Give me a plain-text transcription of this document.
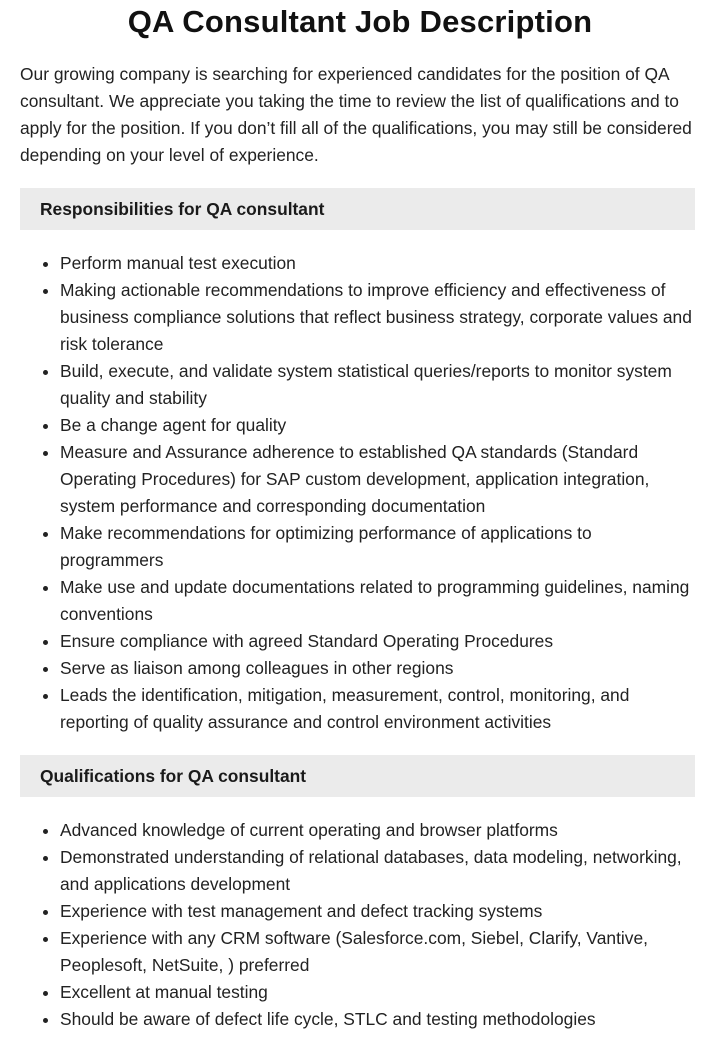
QA Consultant Job Description

Our growing company is searching for experienced candidates for the position of QA consultant. We appreciate you taking the time to review the list of qualifications and to apply for the position. If you don’t fill all of the qualifications, you may still be considered depending on your level of experience.

Responsibilities for QA consultant
• Perform manual test execution
• Making actionable recommendations to improve efficiency and effectiveness of business compliance solutions that reflect business strategy, corporate values and risk tolerance
• Build, execute, and validate system statistical queries/reports to monitor system quality and stability
• Be a change agent for quality
• Measure and Assurance adherence to established QA standards (Standard Operating Procedures) for SAP custom development, application integration, system performance and corresponding documentation
• Make recommendations for optimizing performance of applications to programmers
• Make use and update documentations related to programming guidelines, naming conventions
• Ensure compliance with agreed Standard Operating Procedures
• Serve as liaison among colleagues in other regions
• Leads the identification, mitigation, measurement, control, monitoring, and reporting of quality assurance and control environment activities
Qualifications for QA consultant
• Advanced knowledge of current operating and browser platforms
• Demonstrated understanding of relational databases, data modeling, networking, and applications development
• Experience with test management and defect tracking systems
• Experience with any CRM software (Salesforce.com, Siebel, Clarify, Vantive, Peoplesoft, NetSuite, ) preferred
• Excellent at manual testing
• Should be aware of defect life cycle, STLC and testing methodologies
